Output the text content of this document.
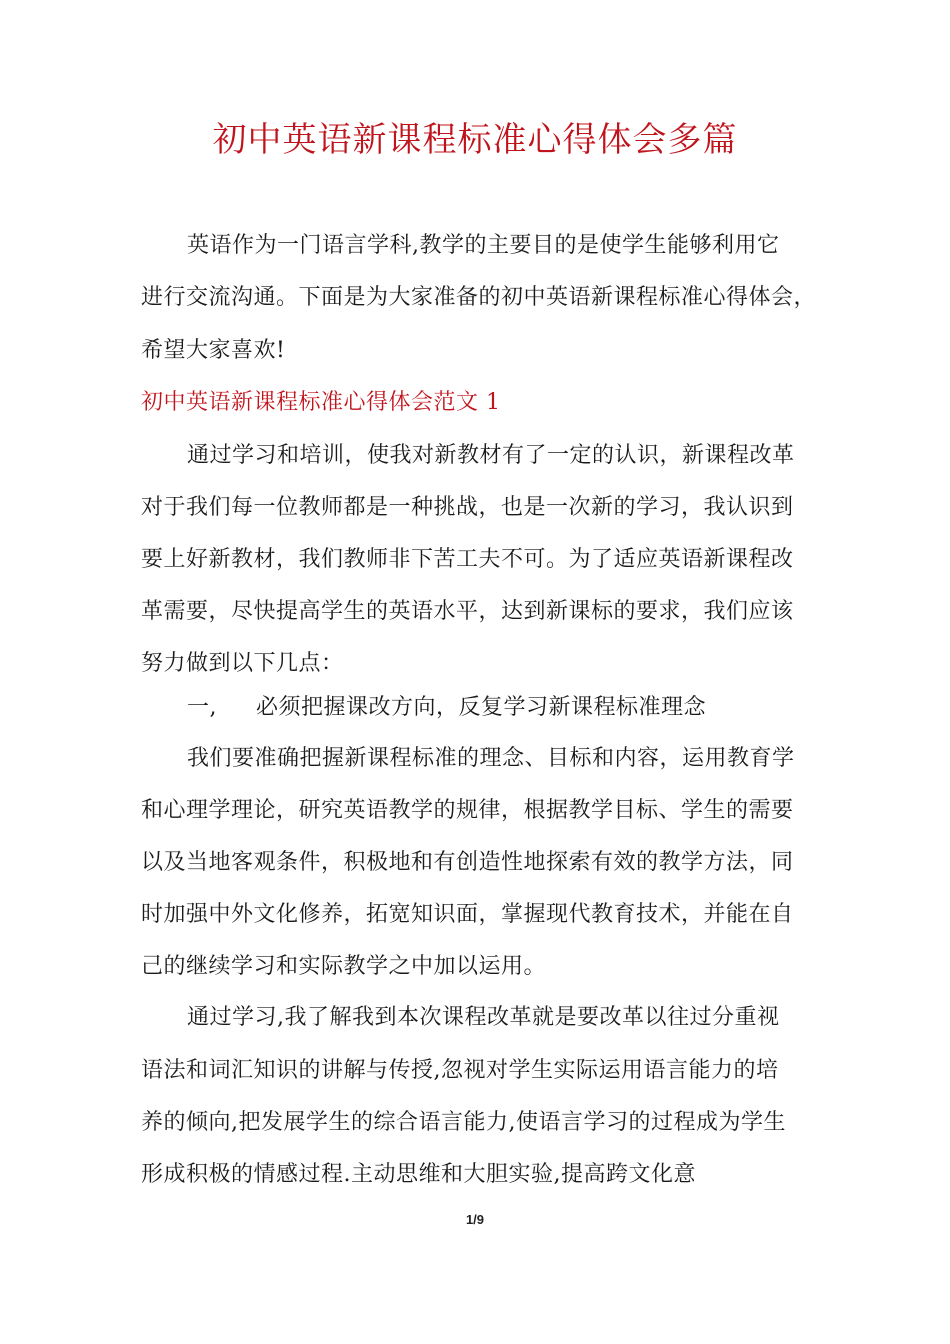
初中英语新课程标准心得体会多篇
英语作为一门语言学科,教学的主要目的是使学生能够利用它
进行交流沟通。下面是为大家准备的初中英语新课程标准心得体会，
希望大家喜欢!
初中英语新课程标准心得体会范文 1
通过学习和培训，使我对新教材有了一定的认识，新课程改革
对于我们每一位教师都是一种挑战，也是一次新的学习，我认识到
要上好新教材，我们教师非下苦工夫不可。为了适应英语新课程改
革需要，尽快提高学生的英语水平，达到新课标的要求，我们应该
努力做到以下几点：
一, 必须把握课改方向，反复学习新课程标准理念
我们要准确把握新课程标准的理念、目标和内容，运用教育学
和心理学理论，研究英语教学的规律，根据教学目标、学生的需要
以及当地客观条件，积极地和有创造性地探索有效的教学方法，同
时加强中外文化修养，拓宽知识面，掌握现代教育技术，并能在自
己的继续学习和实际教学之中加以运用。
通过学习,我了解我到本次课程改革就是要改革以往过分重视
语法和词汇知识的讲解与传授,忽视对学生实际运用语言能力的培
养的倾向,把发展学生的综合语言能力,使语言学习的过程成为学生
形成积极的情感过程.主动思维和大胆实验,提高跨文化意
1/9
